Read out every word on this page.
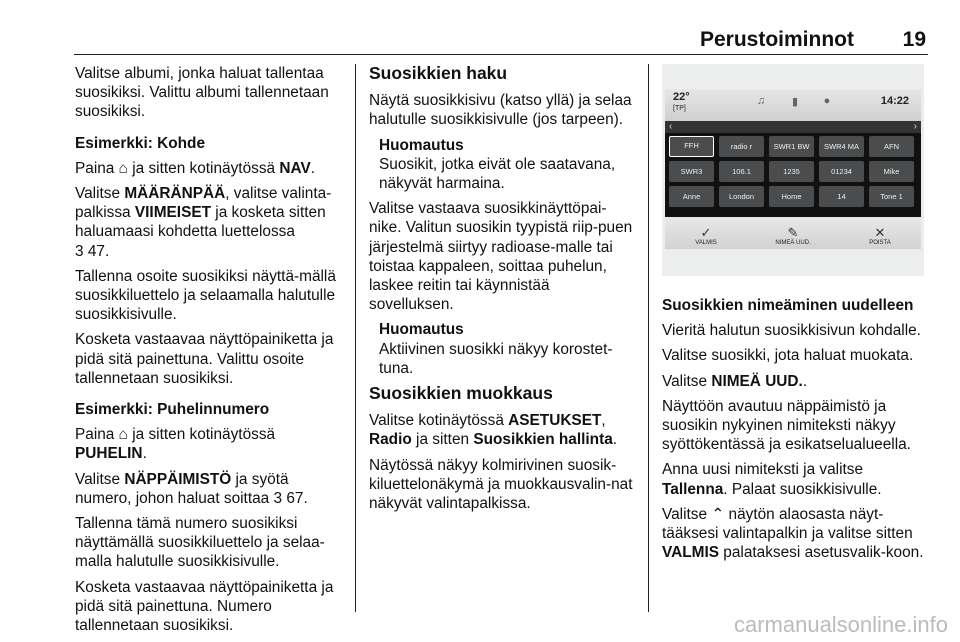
Perustoiminnot 19

Valitse albumi, jonka haluat tallentaa suosikiksi. Valittu albumi tallennetaan suosikiksi.

Esimerkki: Kohde

Paina ⌂ ja sitten kotinäytössä NAV.

Valitse MÄÄRÄNPÄÄ, valitse valinta-palkissa VIIMEISET ja kosketa sitten haluamaasi kohdetta luettelossa
3 47.

Tallenna osoite suosikiksi näyttä-mällä suosikkiluettelo ja selaamalla halutulle suosikkisivulle.

Kosketa vastaavaa näyttöpainiketta ja pidä sitä painettuna. Valittu osoite tallennetaan suosikiksi.

Esimerkki: Puhelinnumero

Paina ⌂ ja sitten kotinäytössä
PUHELIN.

Valitse NÄPPÄIMISTÖ ja syötä numero, johon haluat soittaa 3 67.

Tallenna tämä numero suosikiksi näyttämällä suosikkiluettelo ja selaa-malla halutulle suosikkisivulle.

Kosketa vastaavaa näyttöpainiketta ja pidä sitä painettuna. Numero tallennetaan suosikiksi.

Suosikkien haku

Näytä suosikkisivu (katso yllä) ja selaa halutulle suosikkisivulle (jos tarpeen).

Huomautus
Suosikit, jotka eivät ole saatavana, näkyvät harmaina.

Valitse vastaava suosikkinäyttöpai-nike. Valitun suosikin tyypistä riip-puen järjestelmä siirtyy radioase-malle tai toistaa kappaleen, soittaa puhelun, laskee reitin tai käynnistää sovelluksen.

Huomautus
Aktiivinen suosikki näkyy korostet-tuna.

Suosikkien muokkaus

Valitse kotinäytössä ASETUKSET,
Radio ja sitten Suosikkien hallinta.

Näytössä näkyy kolmirivinen suosik-kiluettelonäkymä ja muokkausvalin-nat näkyvät valintapalkissa.

22°
[TP]
♫	▮	●	14:22
‹	›
FFH	radio r	SWR1 BW	SWR4 MA	AFN
SWR3	106.1	1235	01234	Mike
Anne	London	Home	14	Tone 1
✓
VALMIS
✎
NIMEÄ UUD.
✕
POISTA

Suosikkien nimeäminen uudelleen

Vieritä halutun suosikkisivun kohdalle.

Valitse suosikki, jota haluat muokata.

Valitse NIMEÄ UUD..

Näyttöön avautuu näppäimistö ja suosikin nykyinen nimiteksti näkyy syöttökentässä ja esikatselualueella.

Anna uusi nimiteksti ja valitse
Tallenna. Palaat suosikkisivulle.

Valitse ⌃ näytön alaosasta näyt-tääksesi valintapalkin ja valitse sitten
VALMIS palataksesi asetusvalik-koon.

carmanualsonline.info
